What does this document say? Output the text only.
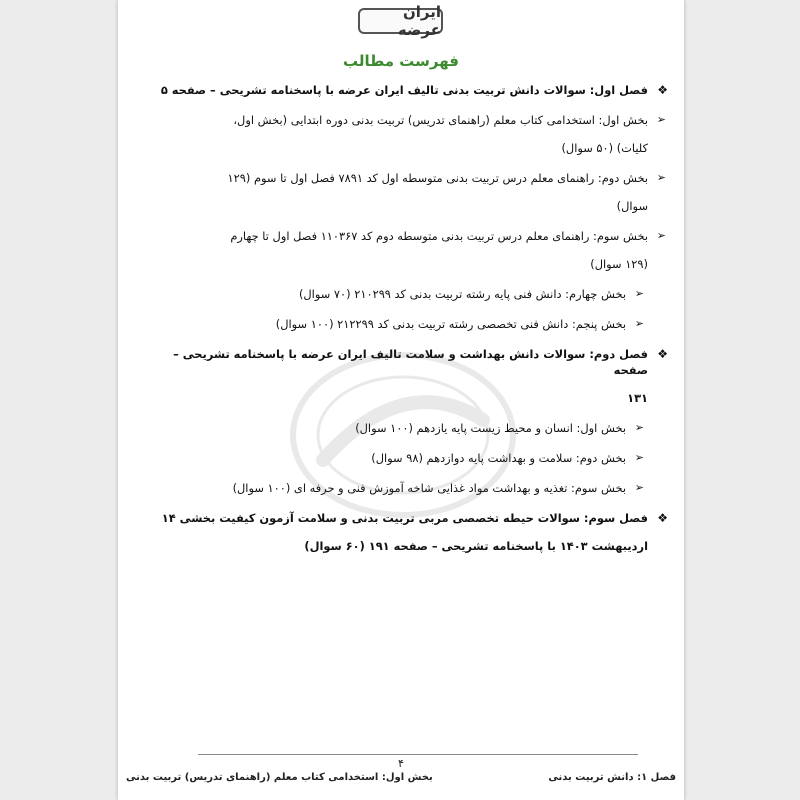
ایران عرضه
فهرست مطالب
❖
فصل اول: سوالات دانش تربیت بدنی تالیف ایران عرضه با پاسخنامه تشریحی – صفحه ۵
➢
بخش اول: استخدامی کتاب معلم (راهنمای تدریس) تربیت بدنی دوره ابتدایی (بخش اول،
کلیات) (۵۰ سوال)
➢
بخش دوم: راهنمای معلم درس تربیت بدنی متوسطه اول کد ۷۸۹۱ فصل اول تا سوم (۱۲۹
سوال)
➢
بخش سوم: راهنمای معلم درس تربیت بدنی متوسطه دوم کد ۱۱۰۳۶۷ فصل اول تا چهارم
(۱۲۹ سوال)
➢
بخش چهارم: دانش فنی پایه رشته تربیت بدنی کد ۲۱۰۲۹۹ (۷۰ سوال)
➢
بخش پنجم: دانش فنی تخصصی رشته تربیت بدنی کد ۲۱۲۲۹۹ (۱۰۰ سوال)
❖
فصل دوم: سوالات دانش بهداشت و سلامت تالیف ایران عرضه با پاسخنامه تشریحی – صفحه
۱۳۱
➢
بخش اول: انسان و محیط زیست پایه یازدهم (۱۰۰ سوال)
➢
بخش دوم: سلامت و بهداشت پایه دوازدهم (۹۸ سوال)
➢
بخش سوم: تغذیه و بهداشت مواد غذایی شاخه آموزش فنی و حرفه ای (۱۰۰ سوال)
❖
فصل سوم: سوالات حیطه تخصصی مربی تربیت بدنی و سلامت آزمون کیفیت بخشی ۱۴
اردیبهشت ۱۴۰۳ با پاسخنامه تشریحی – صفحه ۱۹۱ (۶۰ سوال)
۴
فصل ۱: دانش تربیت بدنی
بخش اول: استخدامی کتاب معلم (راهنمای تدریس) تربیت بدنی
